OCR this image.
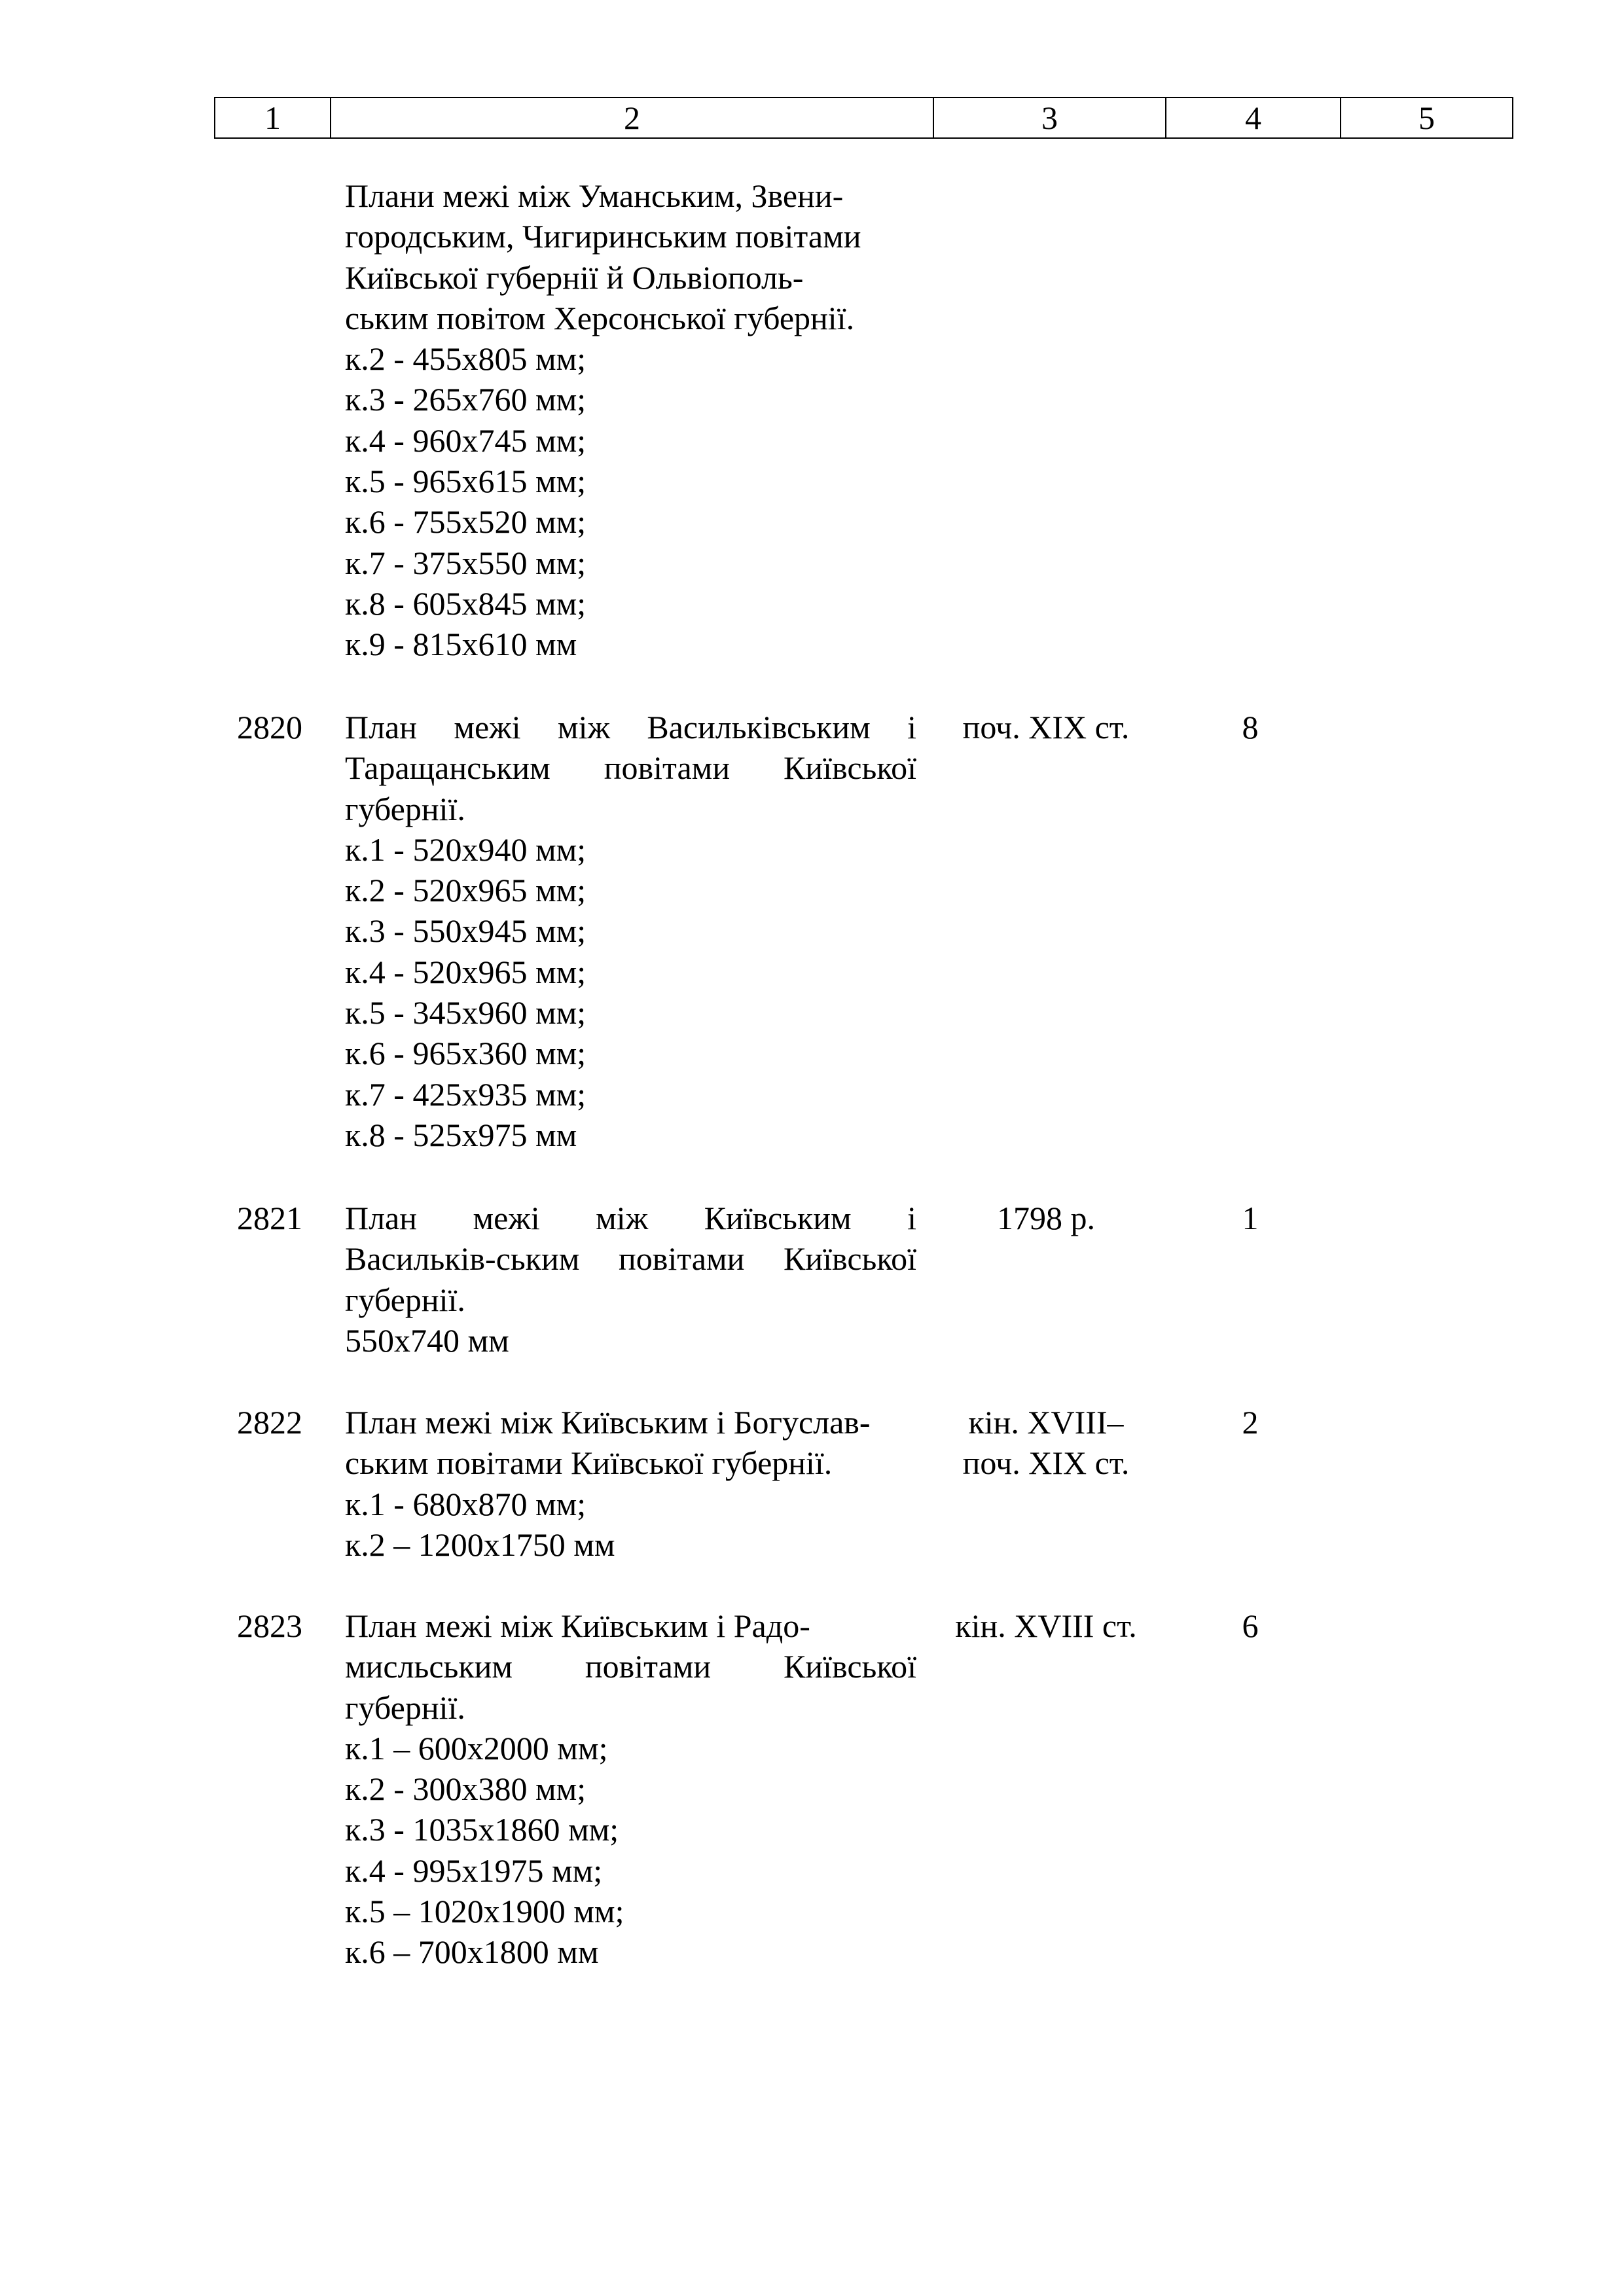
1	2	3	4	5
Плани межі між Уманським, Звени-
городським, Чигиринським повітами
Київської губернії й Ольвіополь-
ським повітом Херсонської губернії.
к.2 - 455х805 мм;
к.3 - 265х760 мм;
к.4 - 960х745 мм;
к.5 - 965х615 мм;
к.6 - 755х520 мм;
к.7 - 375х550 мм;
к.8 - 605х845 мм;
к.9 - 815х610 мм
2820	План межі між Васильківським і
Таращанським повітами Київської
губернії.
к.1 - 520х940 мм;
к.2 - 520х965 мм;
к.3 - 550х945 мм;
к.4 - 520х965 мм;
к.5 - 345х960 мм;
к.6 - 965х360 мм;
к.7 - 425х935 мм;
к.8 - 525х975 мм
поч. XIX ст.	8
2821	План межі між Київським і
Васильків-ським повітами Київської
губернії.
550х740 мм
1798 р.	1
2822	План межі між Київським і Богуслав-
ським повітами Київської губернії.
к.1 - 680х870 мм;
к.2 – 1200х1750 мм
кін. XVIII–
поч. XIX ст.
2
2823	План межі між Київським і Радо-
мисльським повітами Київської
губернії.
к.1 – 600х2000 мм;
к.2 - 300х380 мм;
к.3 - 1035х1860 мм;
к.4 - 995х1975 мм;
к.5 – 1020х1900 мм;
к.6 – 700х1800 мм
кін. XVIII ст.	6
